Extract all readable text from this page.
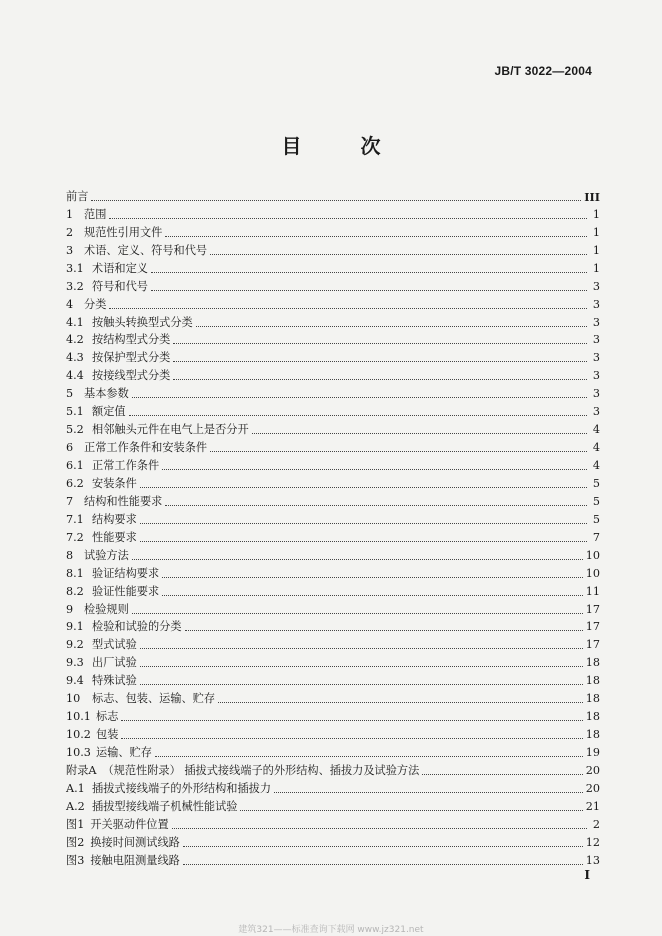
JB/T 3022—2004
目 次
前言	III
1 范围	1
2 规范性引用文件	1
3 术语、定义、符号和代号	1
3.1 术语和定义	1
3.2 符号和代号	3
4 分类	3
4.1 按触头转换型式分类	3
4.2 按结构型式分类	3
4.3 按保护型式分类	3
4.4 按接线型式分类	3
5 基本参数	3
5.1 额定值	3
5.2 相邻触头元件在电气上是否分开	4
6 正常工作条件和安装条件	4
6.1 正常工作条件	4
6.2 安装条件	5
7 结构和性能要求	5
7.1 结构要求	5
7.2 性能要求	7
8 试验方法	10
8.1 验证结构要求	10
8.2 验证性能要求	11
9 检验规则	17
9.1 检验和试验的分类	17
9.2 型式试验	17
9.3 出厂试验	18
9.4 特殊试验	18
10	标志、包装、运输、贮存	18
10.1 标志	18
10.2 包装	18
10.3 运输、贮存	19
附录A （规范性附录） 插拔式接线端子的外形结构、插拔力及试验方法	20
A.1 插拔式接线端子的外形结构和插拔力	20
A.2 插拔型接线端子机械性能试验	21
图1 开关驱动件位置	2
图2 换接时间测试线路	12
图3 接触电阻测量线路	13
I
建筑321——标准查询下载网 www.jz321.net
